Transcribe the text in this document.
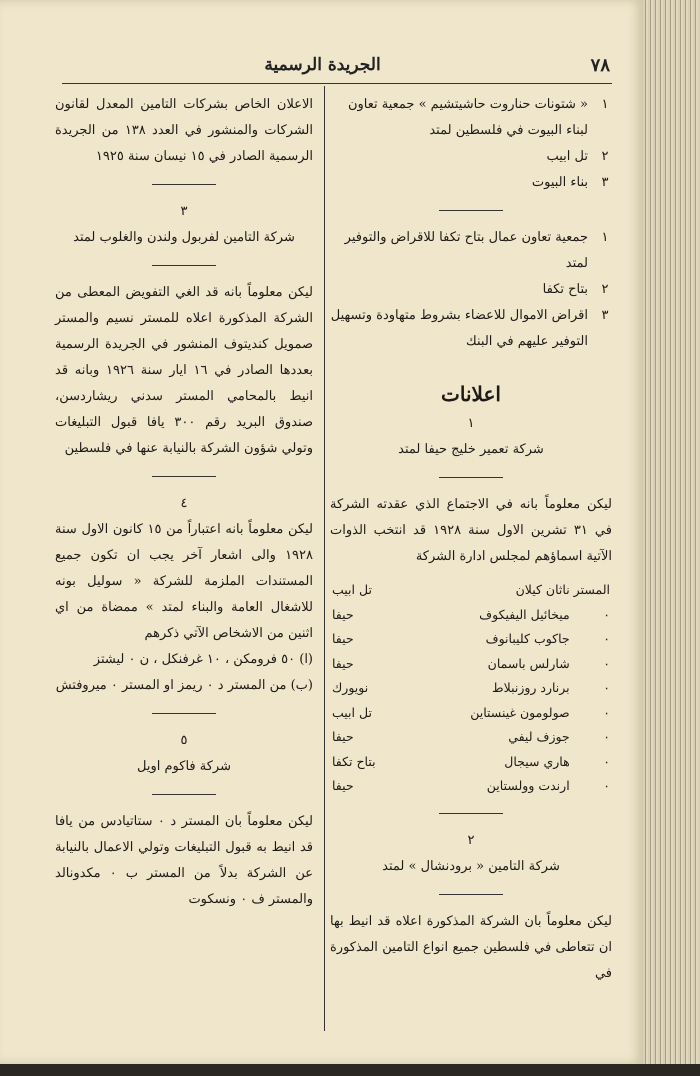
٧٨
الجريدة الرسمية
١
« شتونات حناروت حاشيتشيم » جمعية تعاون لبناء البيوت في فلسطين لمتد
٢
تل ابيب
٣
بناء البيوت
١
جمعية تعاون عمال بتاح تكفا للاقراض والتوفير لمتد
٢
بتاح تكفا
٣
اقراض الاموال للاعضاء بشروط متهاودة وتسهيل التوفير عليهم في البنك
اعلانات
١
شركة تعمير خليج حيفا لمتد

ليكن معلوماً بانه في الاجتماع الذي عقدته الشركة في ٣١ تشرين الاول سنة ١٩٢٨ قد انتخب الذوات الآتية اسماؤهم لمجلس ادارة الشركة

المستر	ناثان كيلان	تل ابيب
٠	ميخائيل اليفيكوف	حيفا
٠	جاكوب كليبانوف	حيفا
٠	شارلس باسمان	حيفا
٠	برنارد روزنبلاط	نويورك
٠	صولومون غينستاين	تل ابيب
٠	جوزف ليفي	حيفا
٠	هاري سيجال	بتاح تكفا
٠	ارندت وولستاين	حيفا
٢
شركة التامين « برودنشال » لمتد

ليكن معلوماً بان الشركة المذكورة اعلاه قد انيط بها ان تتعاطى في فلسطين جميع انواع التامين المذكورة في

الاعلان الخاص بشركات التامين المعدل لقانون الشركات والمنشور في العدد ١٣٨ من الجريدة الرسمية الصادر في ١٥ نيسان سنة ١٩٢٥

٣
شركة التامين لفربول ولندن والغلوب لمتد

ليكن معلوماً بانه قد الغي التفويض المعطى من الشركة المذكورة اعلاه للمستر نسيم والمستر صمويل كنديتوف المنشور في الجريدة الرسمية بعددها الصادر في ١٦ ايار سنة ١٩٢٦ وبانه قد انيط بالمحامي المستر سدني ريشاردسن، صندوق البريد رقم ٣٠٠ يافا قبول التبليغات وتولي شؤون الشركة بالنيابة عنها في فلسطين

٤

ليكن معلوماً بانه اعتباراً من ١٥ كانون الاول سنة ١٩٢٨ والى اشعار آخر يجب ان تكون جميع المستندات الملزمة للشركة « سوليل بونه للاشغال العامة والبناء لمتد » ممضاة من اي اثنين من الاشخاص الآتي ذكرهم

(ا) ٥٠ فرومكن ، ١٠ غرفنكل ، ن ٠ ليشتز

(ب) من المستر د ٠ ريمز او المستر ٠ ميروفتش

٥
شركة فاكوم اويل

ليكن معلوماً بان المستر د ٠ ستاتيادس من يافا قد انيط به قبول التبليغات وتولي الاعمال بالنيابة عن الشركة بدلاً من المستر ب ٠ مكدونالد والمستر ف ٠ ونسكوت
